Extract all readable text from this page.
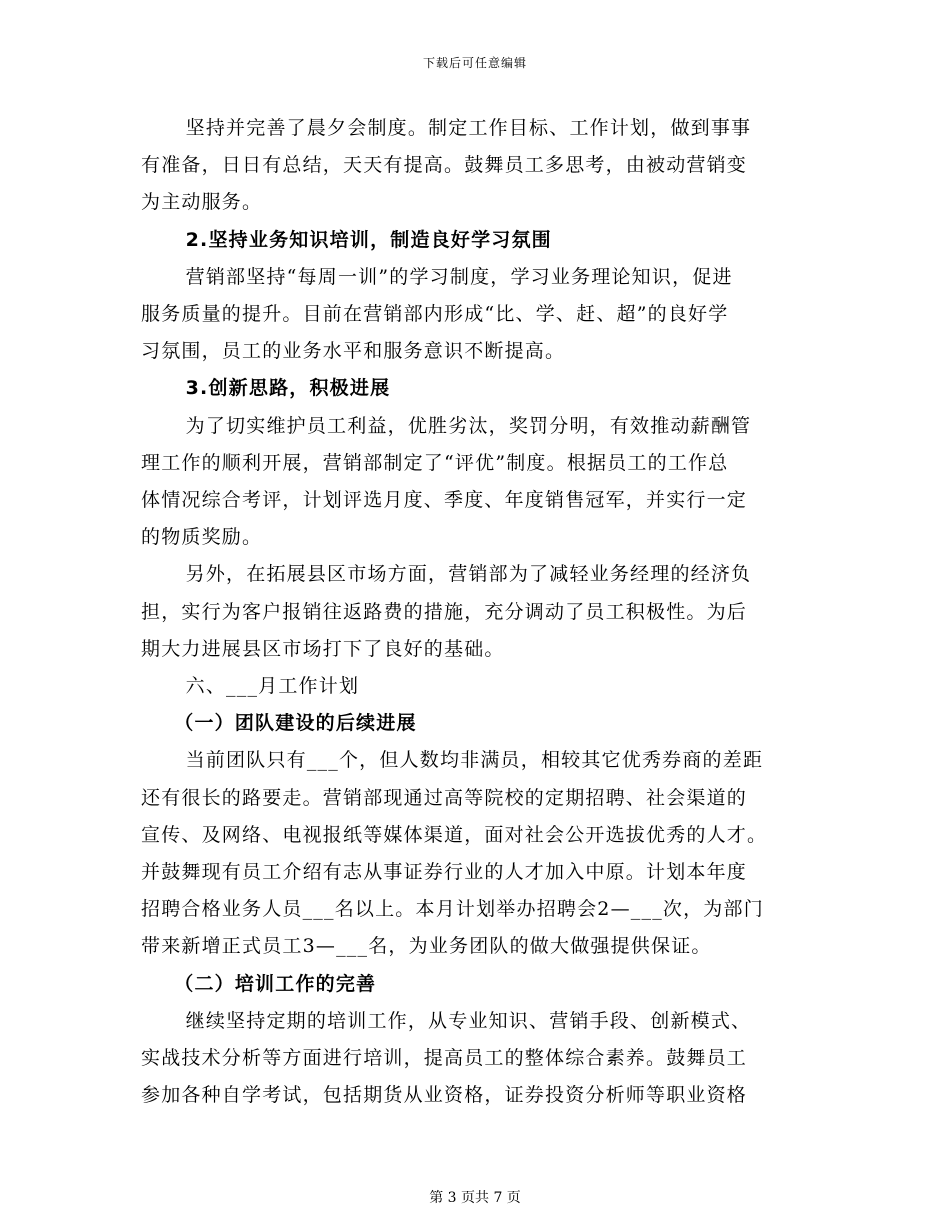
下载后可任意编辑

坚持并完善了晨夕会制度。制定工作目标、工作计划，做到事事
有准备，日日有总结，天天有提高。鼓舞员工多思考，由被动营销变
为主动服务。

2.坚持业务知识培训，制造良好学习氛围

营销部坚持“每周一训”的学习制度，学习业务理论知识，促进
服务质量的提升。目前在营销部内形成“比、学、赶、超”的良好学
习氛围，员工的业务水平和服务意识不断提高。

3.创新思路，积极进展

为了切实维护员工利益，优胜劣汰，奖罚分明，有效推动薪酬管
理工作的顺利开展，营销部制定了“评优”制度。根据员工的工作总
体情况综合考评，计划评选月度、季度、年度销售冠军，并实行一定
的物质奖励。

另外，在拓展县区市场方面，营销部为了减轻业务经理的经济负
担，实行为客户报销往返路费的措施，充分调动了员工积极性。为后
期大力进展县区市场打下了良好的基础。

六、___月工作计划

（一）团队建设的后续进展

当前团队只有___个，但人数均非满员，相较其它优秀券商的差距
还有很长的路要走。营销部现通过高等院校的定期招聘、社会渠道的
宣传、及网络、电视报纸等媒体渠道，面对社会公开选拔优秀的人才。
并鼓舞现有员工介绍有志从事证券行业的人才加入中原。计划本年度
招聘合格业务人员___名以上。本月计划举办招聘会2—___次，为部门
带来新增正式员工3—___名，为业务团队的做大做强提供保证。

（二）培训工作的完善

继续坚持定期的培训工作，从专业知识、营销手段、创新模式、
实战技术分析等方面进行培训，提高员工的整体综合素养。鼓舞员工
参加各种自学考试，包括期货从业资格，证券投资分析师等职业资格

第 3 页共 7 页
